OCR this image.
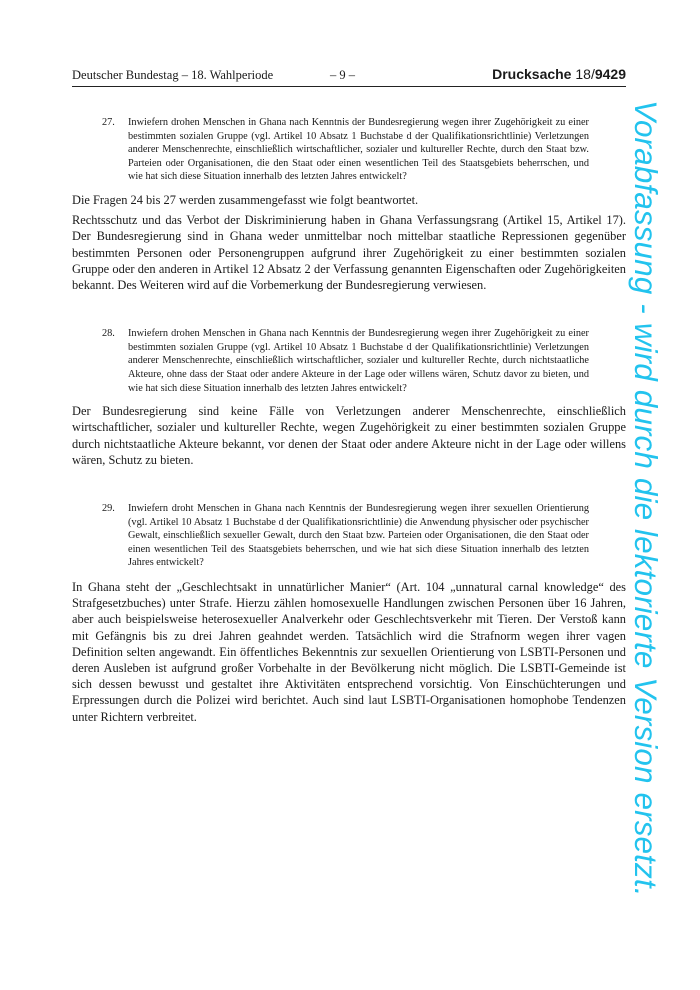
Deutscher Bundestag – 18. Wahlperiode	– 9 –	Drucksache 18/9429
27.	Inwiefern drohen Menschen in Ghana nach Kenntnis der Bundesregierung wegen ihrer Zugehörigkeit zu einer bestimmten sozialen Gruppe (vgl. Artikel 10 Absatz 1 Buchstabe d der Qualifikationsrichtlinie) Verletzungen anderer Menschenrechte, einschließlich wirtschaftlicher, sozialer und kultureller Rechte, durch den Staat bzw. Parteien oder Organisationen, die den Staat oder einen wesentlichen Teil des Staatsgebiets beherrschen, und wie hat sich diese Situation innerhalb des letzten Jahres entwickelt?

Die Fragen 24 bis 27 werden zusammengefasst wie folgt beantwortet.

Rechtsschutz und das Verbot der Diskriminierung haben in Ghana Verfassungsrang (Artikel 15, Artikel 17). Der Bundesregierung sind in Ghana weder unmittelbar noch mittelbar staatliche Repressionen gegenüber bestimmten Personen oder Personengruppen aufgrund ihrer Zugehörigkeit zu einer bestimmten sozialen Gruppe oder den anderen in Artikel 12 Absatz 2 der Verfassung genannten Eigenschaften oder Zugehörigkeiten bekannt. Des Weiteren wird auf die Vorbemerkung der Bundesregierung verwiesen.

28.	Inwiefern drohen Menschen in Ghana nach Kenntnis der Bundesregierung wegen ihrer Zugehörigkeit zu einer bestimmten sozialen Gruppe (vgl. Artikel 10 Absatz 1 Buchstabe d der Qualifikationsrichtlinie) Verletzungen anderer Menschenrechte, einschließlich wirtschaftlicher, sozialer und kultureller Rechte, durch nichtstaatliche Akteure, ohne dass der Staat oder andere Akteure in der Lage oder willens wären, Schutz davor zu bieten, und wie hat sich diese Situation innerhalb des letzten Jahres entwickelt?

Der Bundesregierung sind keine Fälle von Verletzungen anderer Menschenrechte, einschließlich wirtschaftlicher, sozialer und kultureller Rechte, wegen Zugehörigkeit zu einer bestimmten sozialen Gruppe durch nichtstaatliche Akteure bekannt, vor denen der Staat oder andere Akteure nicht in der Lage oder willens wären, Schutz zu bieten.

29.	Inwiefern droht Menschen in Ghana nach Kenntnis der Bundesregierung wegen ihrer sexuellen Orientierung (vgl. Artikel 10 Absatz 1 Buchstabe d der Qualifikationsrichtlinie) die Anwendung physischer oder psychischer Gewalt, einschließlich sexueller Gewalt, durch den Staat bzw. Parteien oder Organisationen, die den Staat oder einen wesentlichen Teil des Staatsgebiets beherrschen, und wie hat sich diese Situation innerhalb des letzten Jahres entwickelt?

In Ghana steht der „Geschlechtsakt in unnatürlicher Manier“ (Art. 104 „unnatural carnal knowledge“ des Strafgesetzbuches) unter Strafe. Hierzu zählen homosexuelle Handlungen zwischen Personen über 16 Jahren, aber auch beispielsweise heterosexueller Analverkehr oder Geschlechtsverkehr mit Tieren. Der Verstoß kann mit Gefängnis bis zu drei Jahren geahndet werden. Tatsächlich wird die Strafnorm wegen ihrer vagen Definition selten angewandt. Ein öffentliches Bekenntnis zur sexuellen Orientierung von LSBTI-Personen und deren Ausleben ist aufgrund großer Vorbehalte in der Bevölkerung nicht möglich. Die LSBTI-Gemeinde ist sich dessen bewusst und gestaltet ihre Aktivitäten entsprechend vorsichtig. Von Einschüchterungen und Erpressungen durch die Polizei wird berichtet. Auch sind laut LSBTI-Organisationen homophobe Tendenzen unter Richtern verbreitet.	Vorabfassung - wird durch die lektorierte Version ersetzt.
